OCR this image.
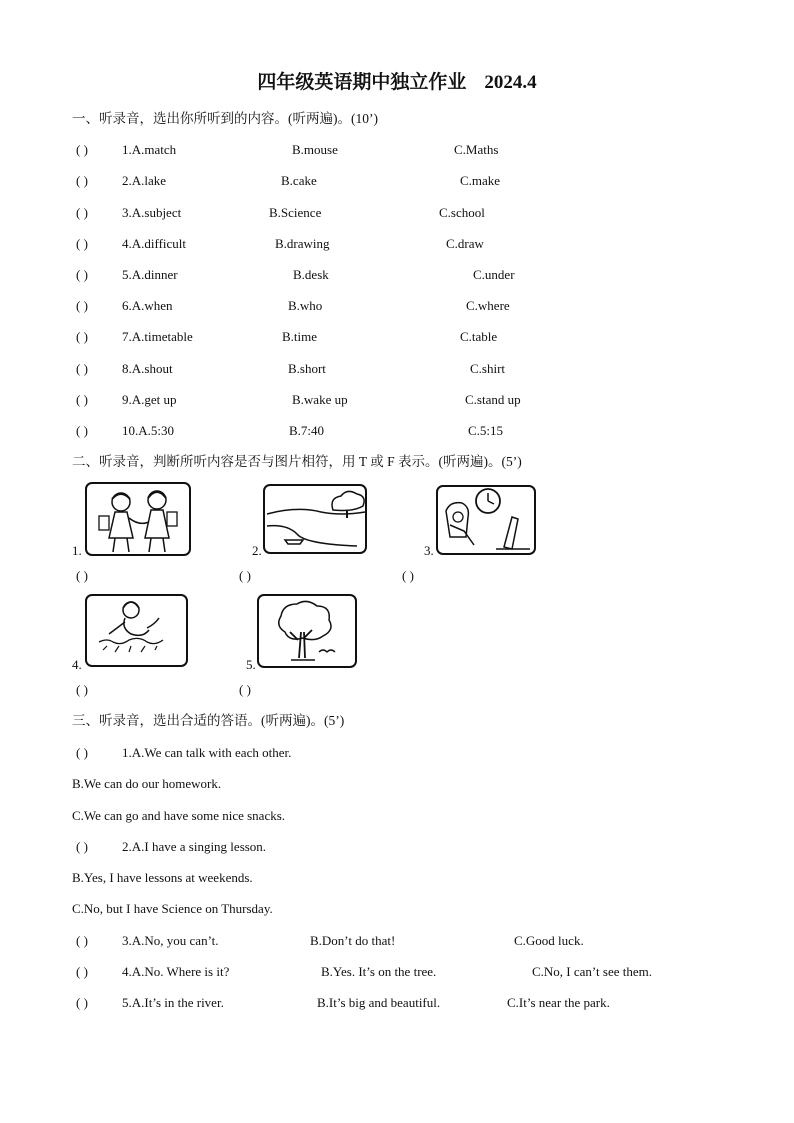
四年级英语期中独立作业 2024.4
一、听录音，选出你所听到的内容。(听两遍)。(10’)
( )	1.A.match	B.mouse	C.Maths
( )	2.A.lake	B.cake	C.make
( )	3.A.subject	B.Science	C.school
( )	4.A.difficult	B.drawing	C.draw
( )	5.A.dinner	B.desk	C.under
( )	6.A.when	B.who	C.where
( )	7.A.timetable	B.time	C.table
( )	8.A.shout	B.short	C.shirt
( )	9.A.get up	B.wake up	C.stand up
( )	10.A.5:30	B.7:40	C.5:15
二、听录音，判断所听内容是否与图片相符，用 T 或 F 表示。(听两遍)。(5’)
1.
( )
2.
( )
3.
( )
4.
( )
5.
( )
三、听录音，选出合适的答语。(听两遍)。(5’)
( )	1.A.We can talk with each other.
B.We can do our homework.
C.We can go and have some nice snacks.
( )	2.A.I have a singing lesson.
B.Yes, I have lessons at weekends.
C.No, but I have Science on Thursday.
( )	3.A.No, you can’t.	B.Don’t do that!	C.Good luck.
( )	4.A.No. Where is it?	B.Yes. It’s on the tree.	C.No, I can’t see them.
( )	5.A.It’s in the river.	B.It’s big and beautiful.	C.It’s near the park.
